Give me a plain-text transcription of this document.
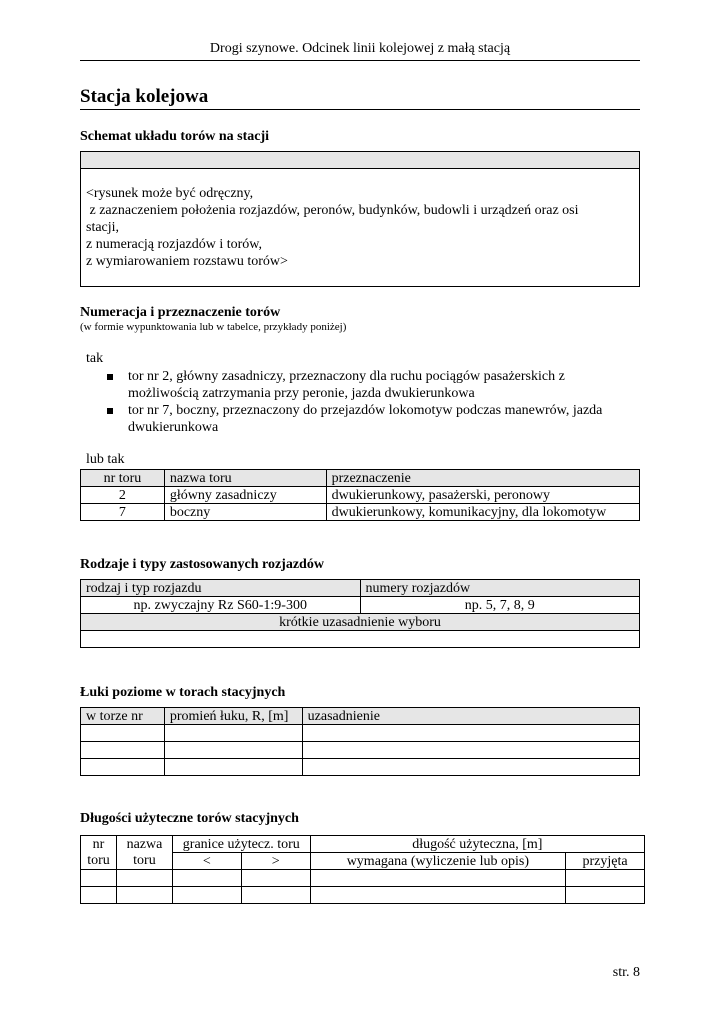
Drogi szynowe. Odcinek linii kolejowej z małą stacją
Stacja kolejowa
Schemat układu torów na stacji
<rysunek może być odręczny,
z zaznaczeniem położenia rozjazdów, peronów, budynków, budowli i urządzeń oraz osi
stacji,
z numeracją rozjazdów i torów,
z wymiarowaniem rozstawu torów>
Numeracja i przeznaczenie torów
(w formie wypunktowania lub w tabelce, przykłady poniżej)
tak
tor nr 2, główny zasadniczy, przeznaczony dla ruchu pociągów pasażerskich z
możliwością zatrzymania przy peronie, jazda dwukierunkowa
tor nr 7, boczny, przeznaczony do przejazdów lokomotyw podczas manewrów, jazda
dwukierunkowa
lub tak
nr toru	nazwa toru	przeznaczenie
2	główny zasadniczy	dwukierunkowy, pasażerski, peronowy
7	boczny	dwukierunkowy, komunikacyjny, dla lokomotyw
Rodzaje i typy zastosowanych rozjazdów
rodzaj i typ rozjazdu	numery rozjazdów
np. zwyczajny Rz S60-1:9-300	np. 5, 7, 8, 9
krótkie uzasadnienie wyboru	

Łuki poziome w torach stacyjnych
w torze nr	promień łuku, R, [m]	uzasadnienie

Długości użyteczne torów stacyjnych
nr	nazwa	granice użytecz. toru		długość użyteczna, [m]	
toru	toru	<	>	wymagana (wyliczenie lub opis)	przyjęta

str. 8
